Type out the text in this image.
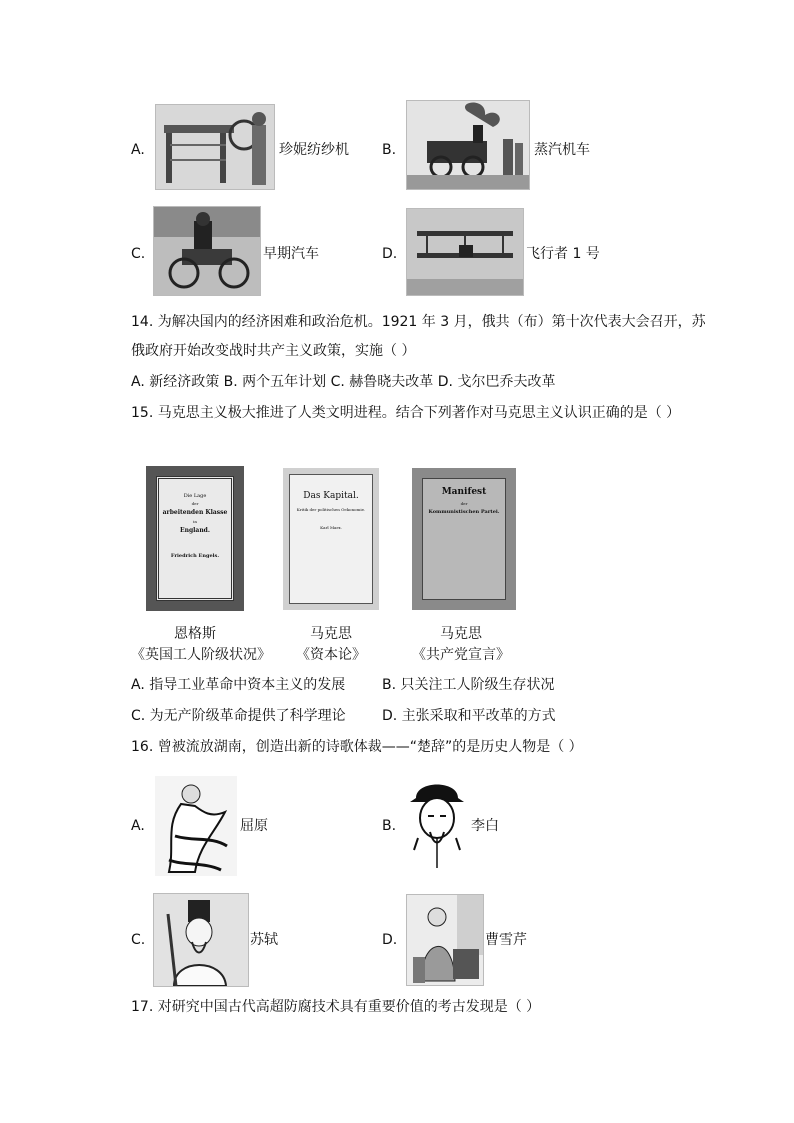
A.	珍妮纺纱机 B.	蒸汽机车
C.	早期汽车	D.	飞行者 1 号
14. 为解决国内的经济困难和政治危机。1921 年 3 月，俄共（布）第十次代表大会召开，苏
俄政府开始改变战时共产主义政策，实施（ ）
A. 新经济政策 B. 两个五年计划 C. 赫鲁晓夫改革 D. 戈尔巴乔夫改革
15. 马克思主义极大推进了人类文明进程。结合下列著作对马克思主义认识正确的是（ ）
Die Lage
der
arbeitenden Klasse
in
England.
Friedrich Engels.
Das Kapital.
Kritik der politischen Oekonomie.
Karl Marx.
Manifest
der
Kommunistischen Partei.
恩格斯	马克思	马克思
《英国工人阶级状况》	《资本论》	《共产党宣言》
A. 指导工业革命中资本主义的发展	B. 只关注工人阶级生存状况
C. 为无产阶级革命提供了科学理论	D. 主张采取和平改革的方式
16. 曾被流放湖南，创造出新的诗歌体裁——“楚辞”的是历史人物是（ ）
A.	屈原	B.	李白
C.	苏轼	D.	曹雪芹
17. 对研究中国古代高超防腐技术具有重要价值的考古发现是（ ）
